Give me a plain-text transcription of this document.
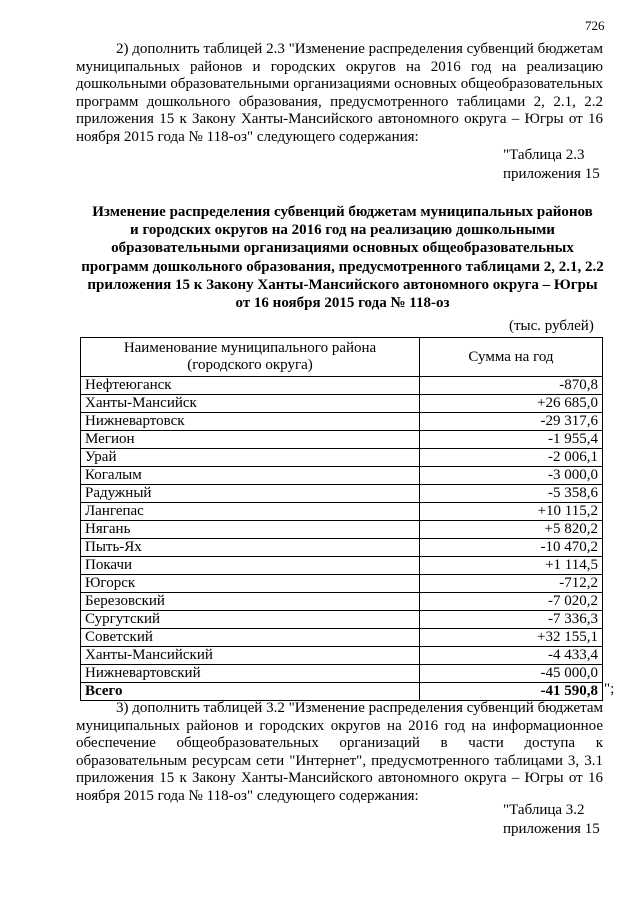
726

2) дополнить таблицей 2.3 "Изменение распределения субвенций бюджетам муниципальных районов и городских округов на 2016 год на реализацию дошкольными образовательными организациями основных общеобразовательных программ дошкольного образования, предусмотренного таблицами 2, 2.1, 2.2 приложения 15 к Закону Ханты-Мансийского автономного округа – Югры от 16 ноября 2015 года № 118-оз" следующего содержания:

"Таблица 2.3
приложения 15
Изменение распределения субвенций бюджетам муниципальных районов
и городских округов на 2016 год на реализацию дошкольными
образовательными организациями основных общеобразовательных
программ дошкольного образования, предусмотренного таблицами 2, 2.1, 2.2
приложения 15 к Закону Ханты-Мансийского автономного округа – Югры
от 16 ноября 2015 года № 118-оз
(тыс. рублей)
Наименование муниципального района (городского округа)	Сумма на год
Нефтеюганск	-870,8
Ханты-Мансийск	+26 685,0
Нижневартовск	-29 317,6
Мегион	-1 955,4
Урай	-2 006,1
Когалым	-3 000,0
Радужный	-5 358,6
Лангепас	+10 115,2
Нягань	+5 820,2
Пыть-Ях	-10 470,2
Покачи	+1 114,5
Югорск	-712,2
Березовский	-7 020,2
Сургутский	-7 336,3
Советский	+32 155,1
Ханты-Мансийский	-4 433,4
Нижневартовский	-45 000,0
Всего	-41 590,8 ";

3) дополнить таблицей 3.2 "Изменение распределения субвенций бюджетам муниципальных районов и городских округов на 2016 год на информационное обеспечение общеобразовательных организаций в части доступа к образовательным ресурсам сети "Интернет", предусмотренного таблицами 3, 3.1 приложения 15 к Закону Ханты-Мансийского автономного округа – Югры от 16 ноября 2015 года № 118-оз" следующего содержания:

"Таблица 3.2
приложения 15
